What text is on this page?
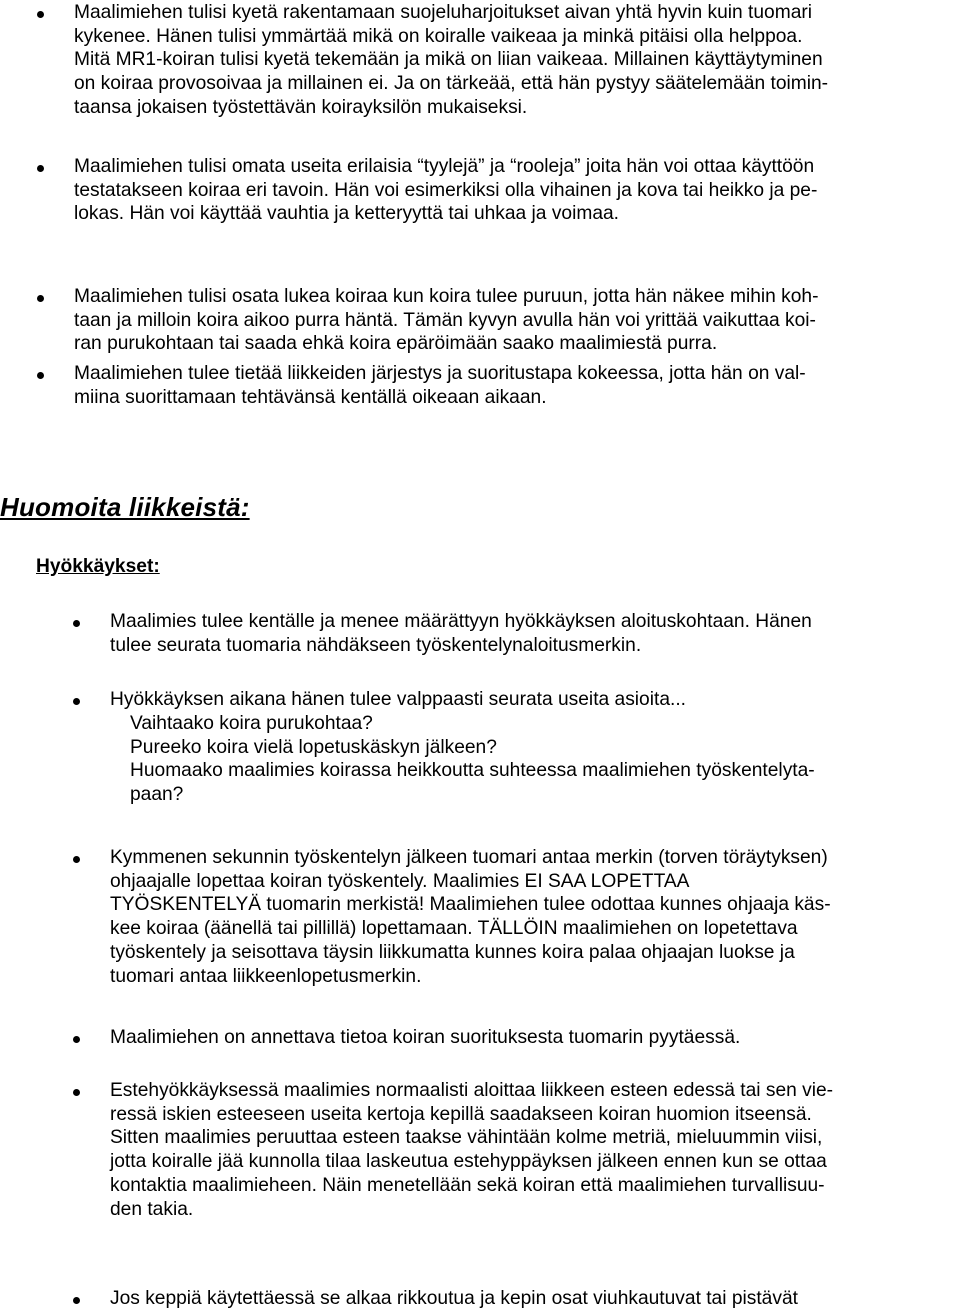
Maalimiehen tulisi kyetä rakentamaan suojeluharjoitukset aivan yhtä hyvin kuin tuomari
kykenee. Hänen tulisi ymmärtää mikä on koiralle vaikeaa ja minkä pitäisi olla helppoa.
Mitä MR1-koiran tulisi kyetä tekemään ja mikä on liian vaikeaa. Millainen käyttäytyminen
on koiraa provosoivaa ja millainen ei. Ja on tärkeää, että hän pystyy säätelemään toimin-
taansa jokaisen työstettävän koirayksilön mukaiseksi.
Maalimiehen tulisi omata useita erilaisia “tyylejä” ja “rooleja” joita hän voi ottaa käyttöön
testatakseen koiraa eri tavoin. Hän voi esimerkiksi olla vihainen ja kova tai heikko ja pe-
lokas. Hän voi käyttää vauhtia ja ketteryyttä tai uhkaa ja voimaa.
Maalimiehen tulisi osata lukea koiraa kun koira tulee puruun, jotta hän näkee mihin koh-
taan ja milloin koira aikoo purra häntä. Tämän kyvyn avulla hän voi yrittää vaikuttaa koi-
ran purukohtaan tai saada ehkä koira epäröimään saako maalimiestä purra.
Maalimiehen tulee tietää liikkeiden järjestys ja suoritustapa kokeessa, jotta hän on val-
miina suorittamaan tehtävänsä kentällä oikeaan aikaan.
Huomoita liikkeistä:
Hyökkäykset:
Maalimies tulee kentälle ja menee määrättyyn hyökkäyksen aloituskohtaan. Hänen
tulee seurata tuomaria nähdäkseen työskentelynaloitusmerkin.
Hyökkäyksen aikana hänen tulee valppaasti seurata useita asioita...
Vaihtaako koira purukohtaa?
Pureeko koira vielä lopetuskäskyn jälkeen?
Huomaako maalimies koirassa heikkoutta suhteessa maalimiehen työskentelyta-
paan?
Kymmenen sekunnin työskentelyn jälkeen tuomari antaa merkin (torven töräytyksen)
ohjaajalle lopettaa koiran työskentely. Maalimies EI SAA LOPETTAA
TYÖSKENTELYÄ tuomarin merkistä! Maalimiehen tulee odottaa kunnes ohjaaja käs-
kee koiraa (äänellä tai pillillä) lopettamaan. TÄLLÖIN maalimiehen on lopetettava
työskentely ja seisottava täysin liikkumatta kunnes koira palaa ohjaajan luokse ja
tuomari antaa liikkeenlopetusmerkin.
Maalimiehen on annettava tietoa koiran suorituksesta tuomarin pyytäessä.
Estehyökkäyksessä maalimies normaalisti aloittaa liikkeen esteen edessä tai sen vie-
ressä iskien esteeseen useita kertoja kepillä saadakseen koiran huomion itseensä.
Sitten maalimies peruuttaa esteen taakse vähintään kolme metriä, mieluummin viisi,
jotta koiralle jää kunnolla tilaa laskeutua estehyppäyksen jälkeen ennen kun se ottaa
kontaktia maalimieheen. Näin menetellään sekä koiran että maalimiehen turvallisuu-
den takia.
Jos keppiä käytettäessä se alkaa rikkoutua ja kepin osat viuhkautuvat tai pistävät
